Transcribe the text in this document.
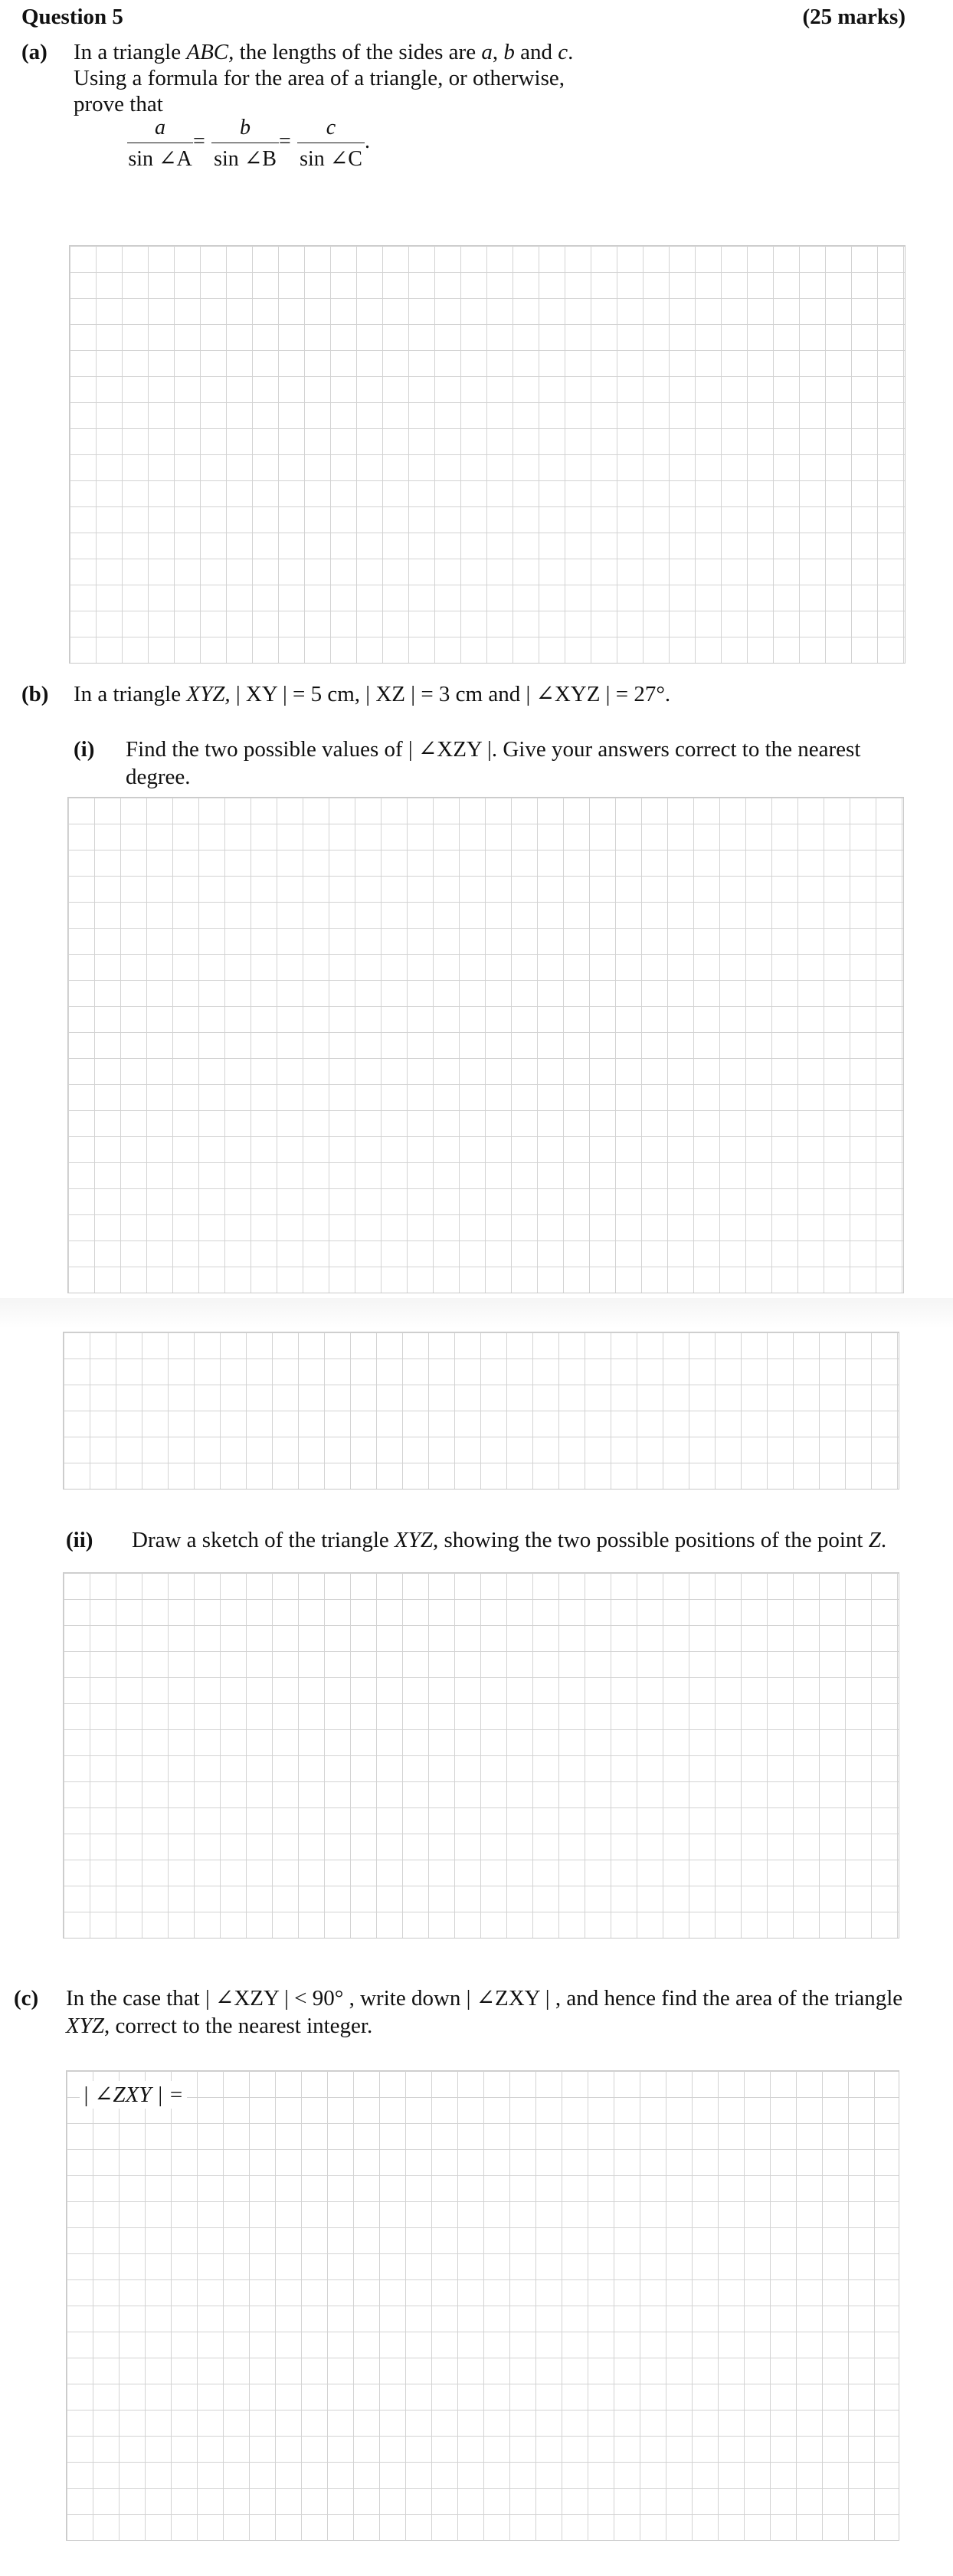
Question 5	(25 marks)
(a) In a triangle ABC, the lengths of the sides are a, b and c.
Using a formula for the area of a triangle, or otherwise,
prove that
a
sin ∠A
=
b
sin ∠B
=
c
sin ∠C
.
(b) In a triangle XYZ, | XY | = 5 cm, | XZ | = 3 cm and | ∠XYZ | = 27°.
(i) Find the two possible values of | ∠XZY |. Give your answers correct to the nearest
degree.
(ii) Draw a sketch of the triangle XYZ, showing the two possible positions of the point Z.
(c) In the case that | ∠XZY | < 90° , write down | ∠ZXY | , and hence find the area of the triangle
XYZ, correct to the nearest integer.
| ∠ZXY | =
